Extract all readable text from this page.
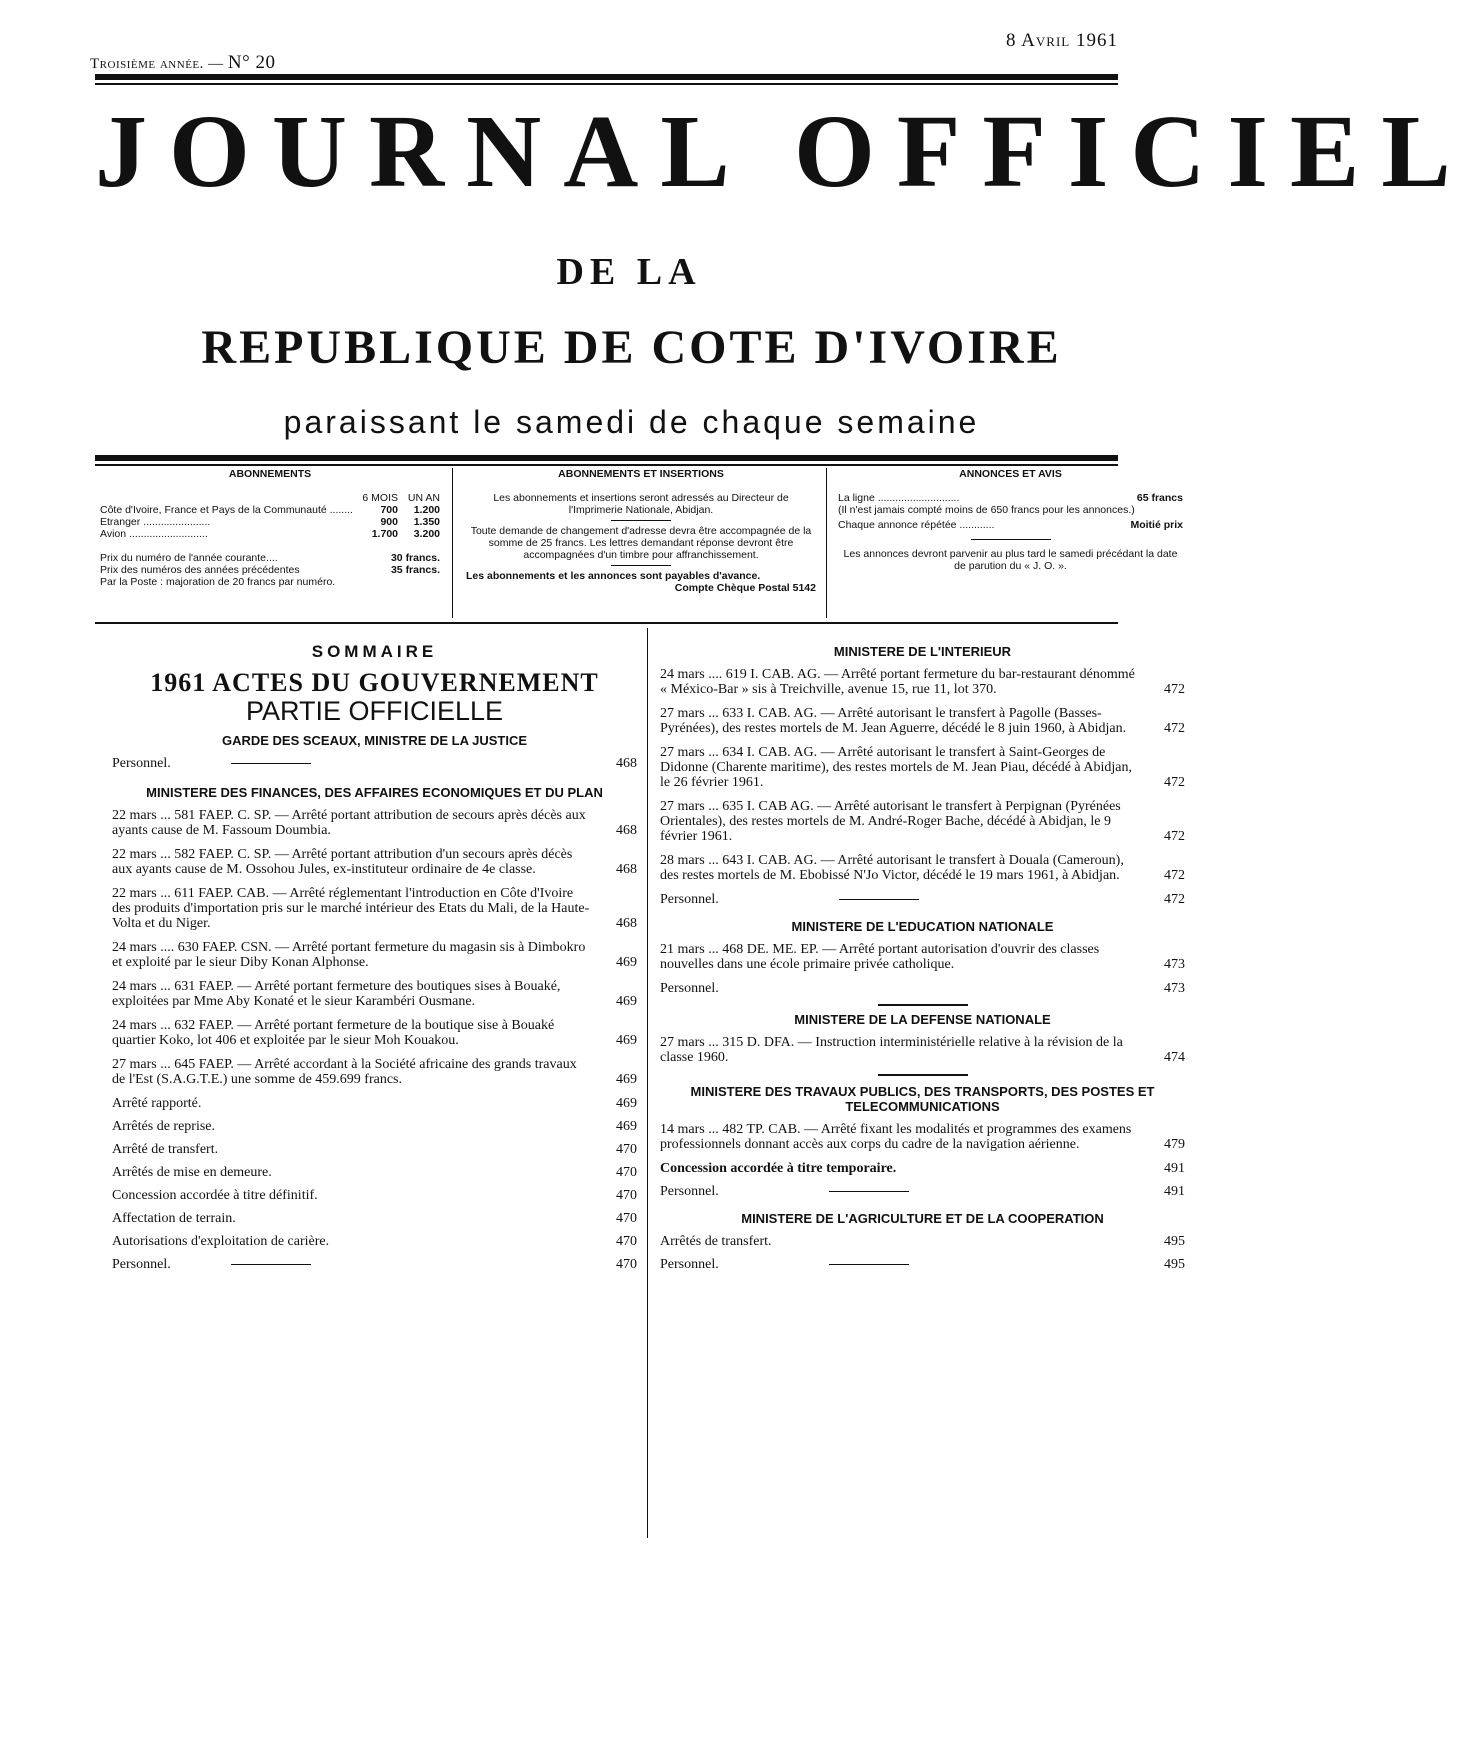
Troisième année. — N° 20
8 Avril 1961
JOURNAL OFFICIEL
DE LA
REPUBLIQUE DE COTE D'IVOIRE
paraissant le samedi de chaque semaine
ABONNEMENTS
	6 MOIS	UN AN
Côte d'Ivoire, France et Pays de la Communauté ........	700	1.200
Etranger .......................	900	1.350
Avion ...........................	1.700	3.200
Prix du numéro de l'année courante....	30 francs.
Prix des numéros des années précédentes	35 francs.
Par la Poste : majoration de 20 francs par numéro.
ABONNEMENTS ET INSERTIONS

Les abonnements et insertions seront adressés au Directeur de l'Imprimerie Nationale, Abidjan.

Toute demande de changement d'adresse devra être accompagnée de la somme de 25 francs. Les lettres demandant réponse devront être accompagnées d'un timbre pour affranchissement.

Les abonnements et les annonces sont payables d'avance.

Compte Chèque Postal 5142

ANNONCES ET AVIS
La ligne ............................	65 francs

(Il n'est jamais compté moins de 650 francs pour les annonces.)

Chaque annonce répétée ............	Moitié prix

Les annonces devront parvenir au plus tard le samedi précédant la date de parution du « J. O. ».

SOMMAIRE
1961 ACTES DU GOUVERNEMENT
PARTIE OFFICIELLE
GARDE DES SCEAUX, MINISTRE DE LA JUSTICE
Personnel.	468
MINISTERE DES FINANCES, DES AFFAIRES ECONOMIQUES ET DU PLAN
22 mars ... 581 FAEP. C. SP. — Arrêté portant attribution de secours après décès aux ayants cause de M. Fassoum Doumbia.	468
22 mars ... 582 FAEP. C. SP. — Arrêté portant attribution d'un secours après décès aux ayants cause de M. Ossohou Jules, ex-instituteur ordinaire de 4e classe.	468
22 mars ... 611 FAEP. CAB. — Arrêté réglementant l'introduction en Côte d'Ivoire des produits d'importation pris sur le marché intérieur des Etats du Mali, de la Haute-Volta et du Niger.	468
24 mars .... 630 FAEP. CSN. — Arrêté portant fermeture du magasin sis à Dimbokro et exploité par le sieur Diby Konan Alphonse.	469
24 mars ... 631 FAEP. — Arrêté portant fermeture des boutiques sises à Bouaké, exploitées par Mme Aby Konaté et le sieur Karambéri Ousmane.	469
24 mars ... 632 FAEP. — Arrêté portant fermeture de la boutique sise à Bouaké quartier Koko, lot 406 et exploitée par le sieur Moh Kouakou.	469
27 mars ... 645 FAEP. — Arrêté accordant à la Société africaine des grands travaux de l'Est (S.A.G.T.E.) une somme de 459.699 francs.	469
Arrêté rapporté.	469
Arrêtés de reprise.	469
Arrêté de transfert.	470
Arrêtés de mise en demeure.	470
Concession accordée à titre définitif.	470
Affectation de terrain.	470
Autorisations d'exploitation de carière.	470
Personnel.	470
MINISTERE DE L'INTERIEUR
24 mars .... 619 I. CAB. AG. — Arrêté portant fermeture du bar-restaurant dénommé « México-Bar » sis à Treichville, avenue 15, rue 11, lot 370.	472
27 mars ... 633 I. CAB. AG. — Arrêté autorisant le transfert à Pagolle (Basses-Pyrénées), des restes mortels de M. Jean Aguerre, décédé le 8 juin 1960, à Abidjan.	472
27 mars ... 634 I. CAB. AG. — Arrêté autorisant le transfert à Saint-Georges de Didonne (Charente maritime), des restes mortels de M. Jean Piau, décédé à Abidjan, le 26 février 1961.	472
27 mars ... 635 I. CAB AG. — Arrêté autorisant le transfert à Perpignan (Pyrénées Orientales), des restes mortels de M. André-Roger Bache, décédé à Abidjan, le 9 février 1961.	472
28 mars ... 643 I. CAB. AG. — Arrêté autorisant le transfert à Douala (Cameroun), des restes mortels de M. Ebobissé N'Jo Victor, décédé le 19 mars 1961, à Abidjan.	472
Personnel.	472
MINISTERE DE L'EDUCATION NATIONALE
21 mars ... 468 DE. ME. EP. — Arrêté portant autorisation d'ouvrir des classes nouvelles dans une école primaire privée catholique.	473
Personnel.	473
MINISTERE DE LA DEFENSE NATIONALE
27 mars ... 315 D. DFA. — Instruction interministérielle relative à la révision de la classe 1960.	474
MINISTERE DES TRAVAUX PUBLICS, DES TRANSPORTS, DES POSTES ET TELECOMMUNICATIONS
14 mars ... 482 TP. CAB. — Arrêté fixant les modalités et programmes des examens professionnels donnant accès aux corps du cadre de la navigation aérienne.	479
Concession accordée à titre temporaire.	491
Personnel.	491
MINISTERE DE L'AGRICULTURE ET DE LA COOPERATION
Arrêtés de transfert.	495
Personnel.	495
